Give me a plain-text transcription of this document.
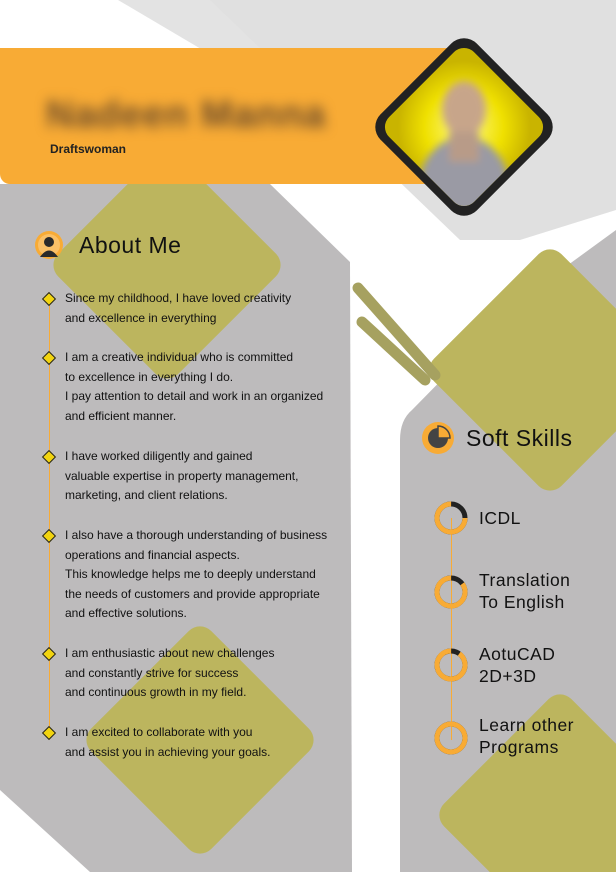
Nadeen Manna
Draftswoman
About Me
Since my childhood, I have loved creativity
and excellence in everything
I am a creative individual who is committed
to excellence in everything I do.
I pay attention to detail and work in an organized
and efficient manner.
I have worked diligently and gained
valuable expertise in property management,
marketing, and client relations.
I also have a thorough understanding of business
operations and financial aspects.
This knowledge helps me to deeply understand
the needs of customers and provide appropriate
and effective solutions.
I am enthusiastic about new challenges
and constantly strive for success
and continuous growth in my field.
I am excited to collaborate with you
and assist you in achieving your goals.
Soft Skills
ICDL
Translation
To English
AotuCAD
2D+3D
Learn other
Programs
